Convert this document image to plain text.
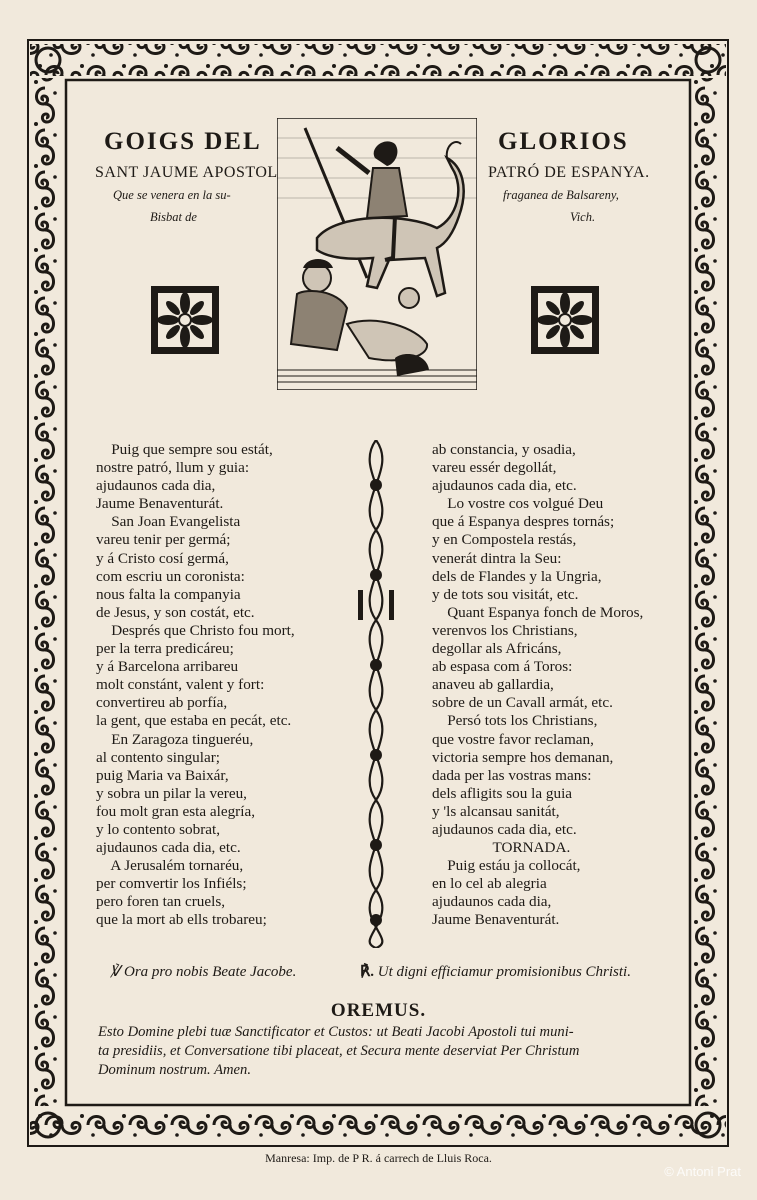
GOIGS DEL	GLORIOS
SANT JAUME APOSTOL	PATRÓ DE ESPANYA.
Que se venera en la su-	fraganea de Balsareny,
Bisbat de	Vich.
Puig que sempre sou estát,
nostre patró, llum y guia:
ajudaunos cada dia,
Jaume Benaventurát.
San Joan Evangelista
vareu tenir per germá;
y á Cristo cosí germá,
com escriu un coronista:
nous falta la companyia
de Jesus, y son costát, etc.
Després que Christo fou mort,
per la terra predicáreu;
y á Barcelona arribareu
molt constánt, valent y fort:
convertireu ab porfía,
la gent, que estaba en pecát, etc.
En Zaragoza tingueréu,
al contento singular;
puig Maria va Baixár,
y sobra un pilar la vereu,
fou molt gran esta alegría,
y lo contento sobrat,
ajudaunos cada dia, etc.
A Jerusalém tornaréu,
per comvertir los Infiéls;
pero foren tan cruels,
que la mort ab ells trobareu;
ab constancia, y osadia,
vareu essér degollát,
ajudaunos cada dia, etc.
Lo vostre cos volgué Deu
que á Espanya despres tornás;
y en Compostela restás,
venerát dintra la Seu:
dels de Flandes y la Ungria,
y de tots sou visitát, etc.
Quant Espanya fonch de Moros,
verenvos los Christians,
degollar als Africáns,
ab espasa com á Toros:
anaveu ab gallardia,
sobre de un Cavall armát, etc.
Persó tots los Christians,
que vostre favor reclaman,
victoria sempre hos demanan,
dada per las vostras mans:
dels afligits sou la guia
y 'ls alcansau sanitát,
ajudaunos cada dia, etc.
TORNADA.
Puig estáu ja collocát,
en lo cel ab alegria
ajudaunos cada dia,
Jaume Benaventurát.
℣ Ora pro nobis Beate Jacobe.	℟. Ut digni efficiamur promisionibus Christi.
OREMUS.
Esto Domine plebi tuæ Sanctificator et Custos: ut Beati Jacobi Apostoli tui muni-
ta presidiis, et Conversatione tibi placeat, et Secura mente deserviat Per Christum
Dominum nostrum. Amen.
Manresa: Imp. de P R. á carrech de Lluis Roca.
© Antoni Prat
